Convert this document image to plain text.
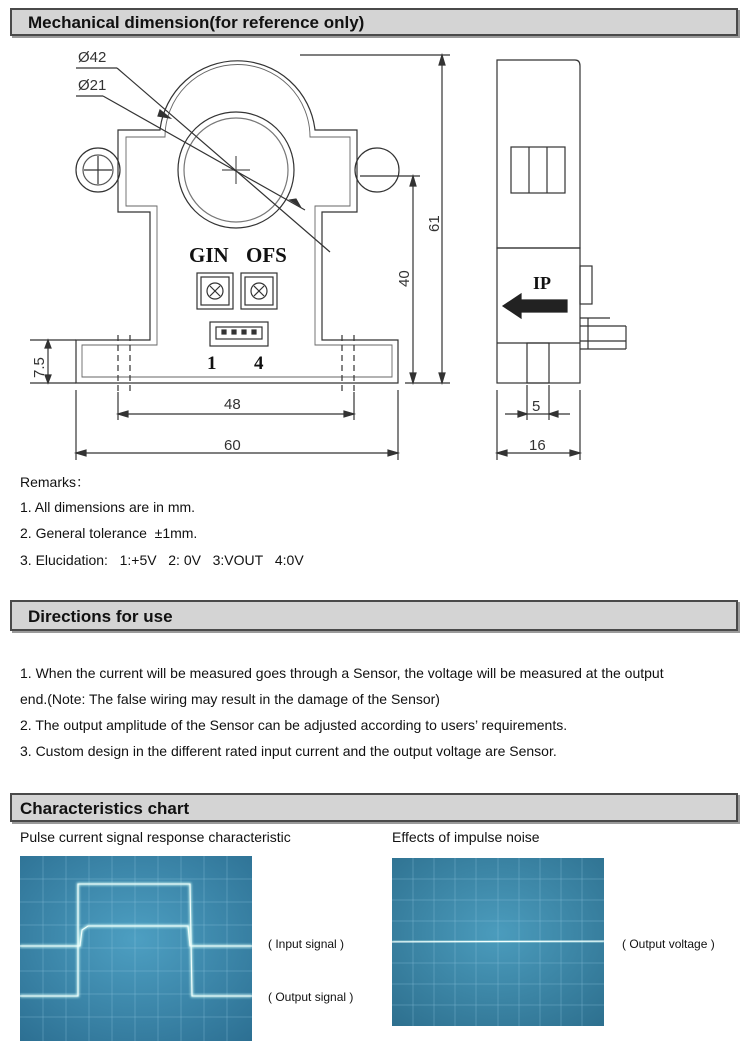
Mechanical dimension(for reference only)
Ø42
Ø21
48
60
5
16
61
40
7.5
GIN OFS
1 4
IP
Remarks：
1. All dimensions are in mm.
2. General tolerance  ±1mm.
3. Elucidation:   1:+5V   2: 0V   3:VOUT   4:0V
Directions for use
1. When the current will be measured goes through a Sensor, the voltage will be measured at the output
end.(Note: The false wiring may result in the damage of the Sensor)
2. The output amplitude of the Sensor can be adjusted according to users’ requirements.
3. Custom design in the different rated input current and the output voltage are Sensor.
Characteristics chart
Pulse current signal response characteristic	Effects of impulse noise
( Input signal )
( Output signal )
( Output voltage )
